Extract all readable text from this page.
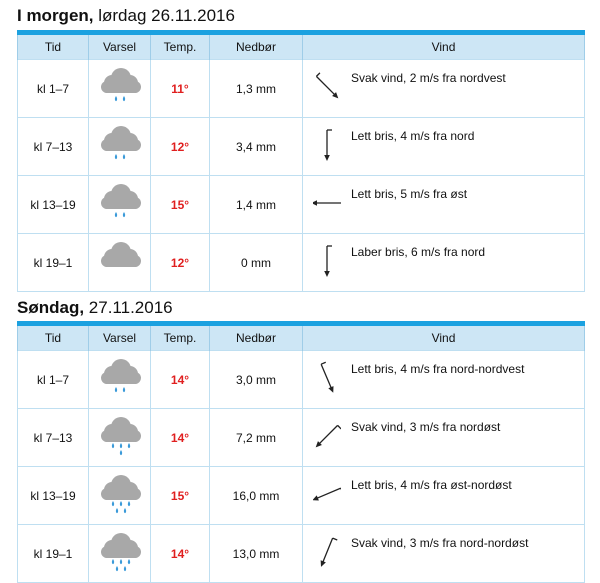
I morgen, lørdag 26.11.2016
Tid	Varsel	Temp.	Nedbør	Vind
kl 1–7		11°	1,3 mm	Svak vind, 2 m/s fra nordvest

kl 7–13		12°	3,4 mm	Lett bris, 4 m/s fra nord

kl 13–19		15°	1,4 mm	Lett bris, 5 m/s fra øst

kl 19–1		12°	0 mm	Laber bris, 6 m/s fra nord
Søndag, 27.11.2016
Tid	Varsel	Temp.	Nedbør	Vind
kl 1–7		14°	3,0 mm	Lett bris, 4 m/s fra nord-nordvest

kl 7–13		14°	7,2 mm	Svak vind, 3 m/s fra nordøst

kl 13–19		15°	16,0 mm	Lett bris, 4 m/s fra øst-nordøst

kl 19–1		14°	13,0 mm	Svak vind, 3 m/s fra nord-nordøst
